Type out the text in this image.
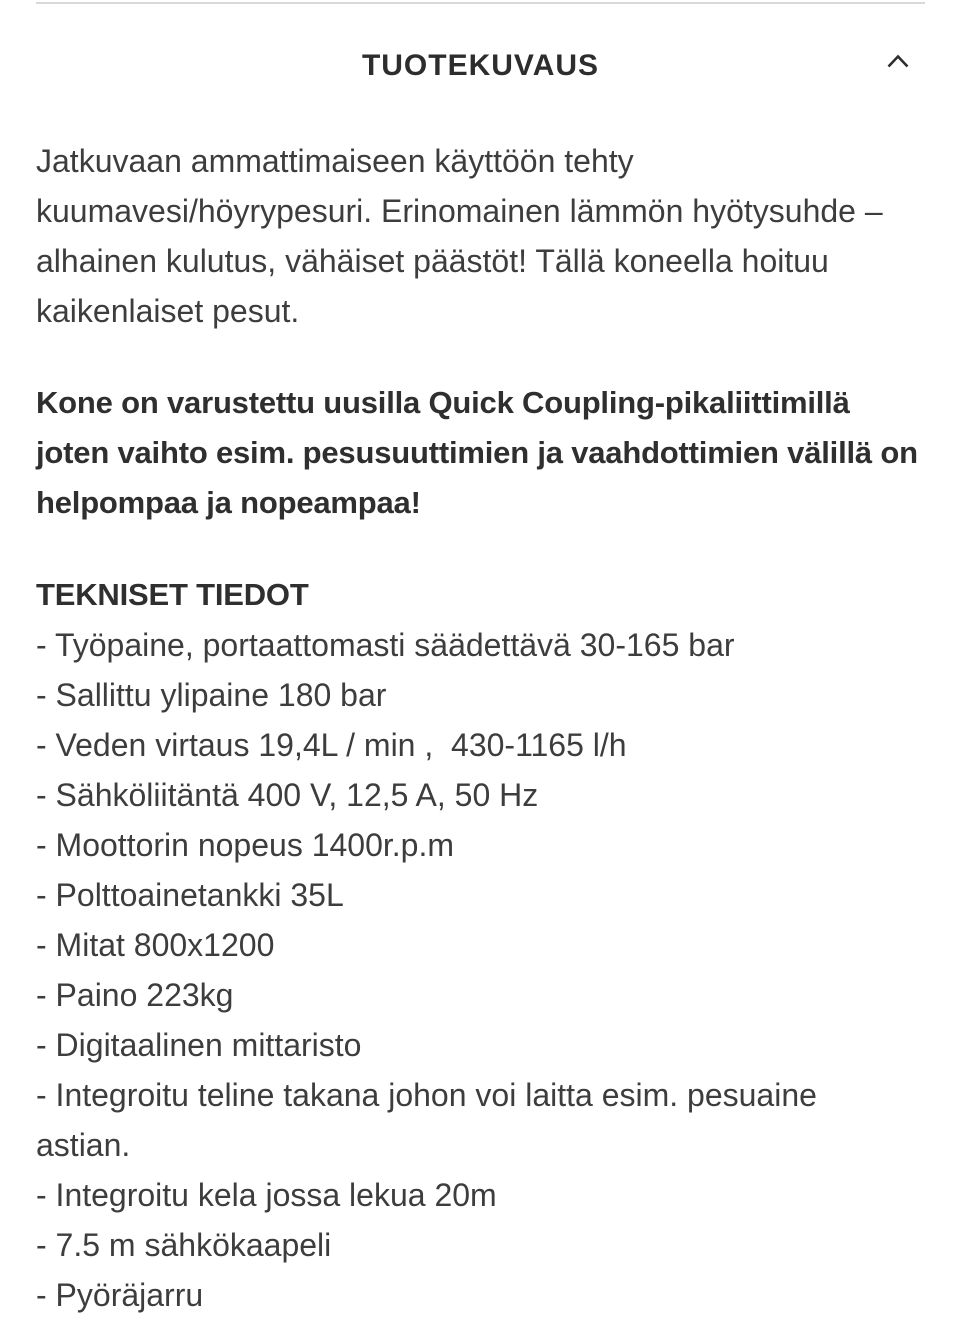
TUOTEKUVAUS
Jatkuvaan ammattimaiseen käyttöön tehty
kuumavesi/höyrypesuri. Erinomainen lämmön hyötysuhde –
alhainen kulutus, vähäiset päästöt! Tällä koneella hoituu
kaikenlaiset pesut.
Kone on varustettu uusilla Quick Coupling-pikaliittimillä
joten vaihto esim. pesusuuttimien ja vaahdottimien välillä on
helpompaa ja nopeampaa!
TEKNISET TIEDOT
- Työpaine, portaattomasti säädettävä 30-165 bar
- Sallittu ylipaine 180 bar
- Veden virtaus 19,4L / min ,  430-1165 l/h
- Sähköliitäntä 400 V, 12,5 A, 50 Hz
- Moottorin nopeus 1400r.p.m
- Polttoainetankki 35L
- Mitat 800x1200
- Paino 223kg
- Digitaalinen mittaristo
- Integroitu teline takana johon voi laitta esim. pesuaine
astian.
- Integroitu kela jossa lekua 20m
- 7.5 m sähkökaapeli
- Pyöräjarru
